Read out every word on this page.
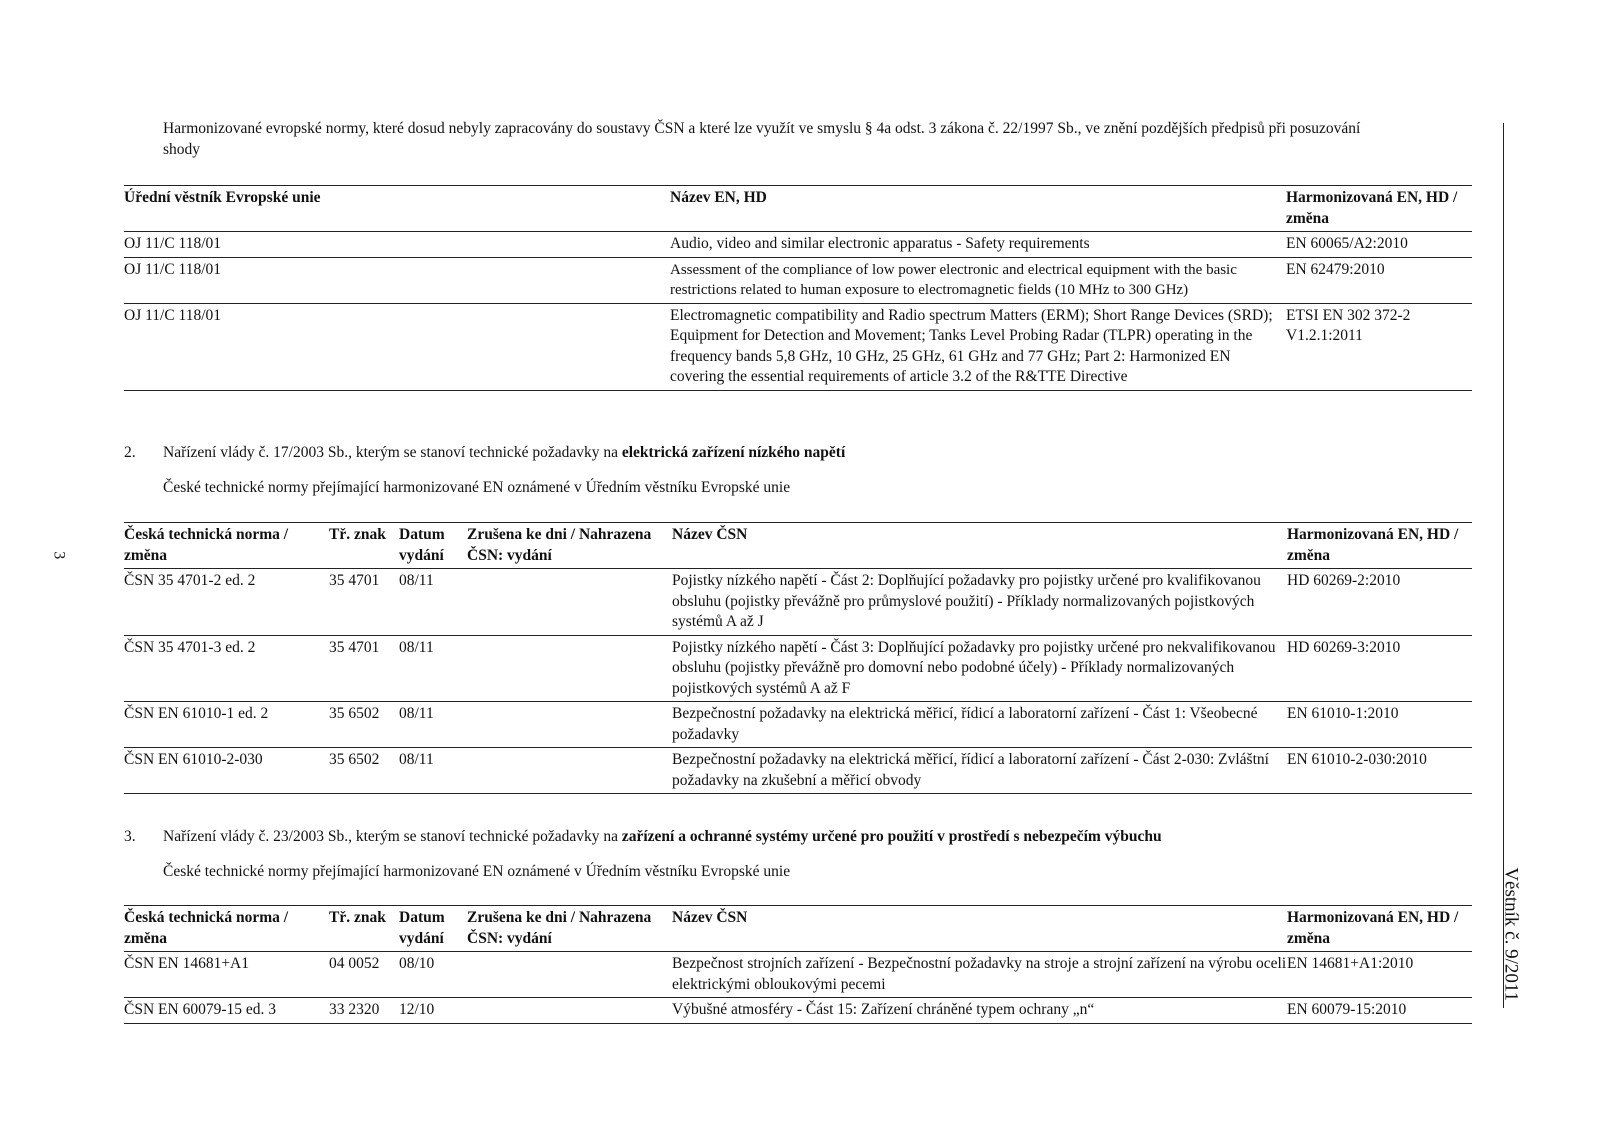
3
Věstník č. 9/2011
Harmonizované evropské normy, které dosud nebyly zapracovány do soustavy ČSN a které lze využít ve smyslu § 4a odst. 3 zákona č. 22/1997 Sb., ve znění pozdějších předpisů při posuzování shody
Úřední věstník Evropské unie	Název EN, HD	Harmonizovaná EN, HD / změna
OJ 11/C 118/01	Audio, video and similar electronic apparatus - Safety requirements	EN 60065/A2:2010
OJ 11/C 118/01	Assessment of the compliance of low power electronic and electrical equipment with the basic restrictions related to human exposure to electromagnetic fields (10 MHz to 300 GHz)	EN 62479:2010
OJ 11/C 118/01	Electromagnetic compatibility and Radio spectrum Matters (ERM); Short Range Devices (SRD); Equipment for Detection and Movement; Tanks Level Probing Radar (TLPR) operating in the frequency bands 5,8 GHz, 10 GHz, 25 GHz, 61 GHz and 77 GHz; Part 2: Harmonized EN covering the essential requirements of article 3.2 of the R&TTE Directive	ETSI EN 302 372-2 V1.2.1:2011
2. Nařízení vlády č. 17/2003 Sb., kterým se stanoví technické požadavky na elektrická zařízení nízkého napětí
České technické normy přejímající harmonizované EN oznámené v Úředním věstníku Evropské unie
Česká technická norma / změna	Tř. znak	Datum vydání	Zrušena ke dni / Nahrazena ČSN: vydání	Název ČSN	Harmonizovaná EN, HD / změna
ČSN 35 4701-2 ed. 2	35 4701	08/11		Pojistky nízkého napětí - Část 2: Doplňující požadavky pro pojistky určené pro kvalifikovanou obsluhu (pojistky převážně pro průmyslové použití) - Příklady normalizovaných pojistkových systémů A až J	HD 60269-2:2010
ČSN 35 4701-3 ed. 2	35 4701	08/11		Pojistky nízkého napětí - Část 3: Doplňující požadavky pro pojistky určené pro nekvalifikovanou obsluhu (pojistky převážně pro domovní nebo podobné účely) - Příklady normalizovaných pojistkových systémů A až F	HD 60269-3:2010
ČSN EN 61010-1 ed. 2	35 6502	08/11		Bezpečnostní požadavky na elektrická měřicí, řídicí a laboratorní zařízení - Část 1: Všeobecné požadavky	EN 61010-1:2010
ČSN EN 61010-2-030	35 6502	08/11		Bezpečnostní požadavky na elektrická měřicí, řídicí a laboratorní zařízení - Část 2-030: Zvláštní požadavky na zkušební a měřicí obvody	EN 61010-2-030:2010
3. Nařízení vlády č. 23/2003 Sb., kterým se stanoví technické požadavky na zařízení a ochranné systémy určené pro použití v prostředí s nebezpečím výbuchu
České technické normy přejímající harmonizované EN oznámené v Úředním věstníku Evropské unie
Česká technická norma / změna	Tř. znak	Datum vydání	Zrušena ke dni / Nahrazena ČSN: vydání	Název ČSN	Harmonizovaná EN, HD / změna
ČSN EN 14681+A1	04 0052	08/10		Bezpečnost strojních zařízení - Bezpečnostní požadavky na stroje a strojní zařízení na výrobu oceli elektrickými obloukovými pecemi	EN 14681+A1:2010
ČSN EN 60079-15 ed. 3	33 2320	12/10		Výbušné atmosféry - Část 15: Zařízení chráněné typem ochrany „n“	EN 60079-15:2010
